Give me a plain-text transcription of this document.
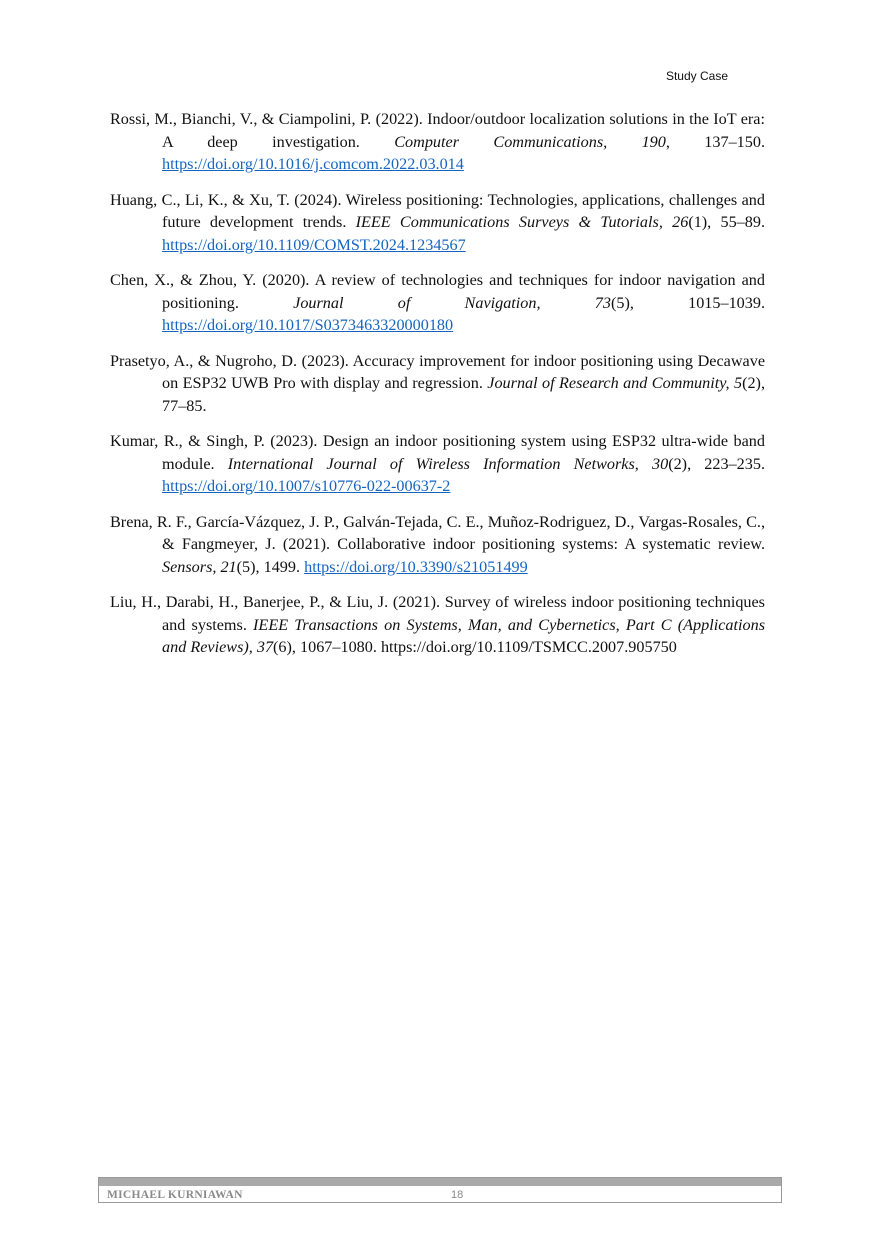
Study Case

Rossi, M., Bianchi, V., & Ciampolini, P. (2022). Indoor/outdoor localization solutions in the IoT era: A deep investigation. Computer Communications, 190, 137–150. https://doi.org/10.1016/j.comcom.2022.03.014

Huang, C., Li, K., & Xu, T. (2024). Wireless positioning: Technologies, applications, challenges and future development trends. IEEE Communications Surveys & Tutorials, 26(1), 55–89. https://doi.org/10.1109/COMST.2024.1234567

Chen, X., & Zhou, Y. (2020). A review of technologies and techniques for indoor navigation and positioning. Journal of Navigation, 73(5), 1015–1039. https://doi.org/10.1017/S0373463320000180

Prasetyo, A., & Nugroho, D. (2023). Accuracy improvement for indoor positioning using Decawave on ESP32 UWB Pro with display and regression. Journal of Research and Community, 5(2), 77–85.

Kumar, R., & Singh, P. (2023). Design an indoor positioning system using ESP32 ultra-wide band module. International Journal of Wireless Information Networks, 30(2), 223–235. https://doi.org/10.1007/s10776-022-00637-2

Brena, R. F., García-Vázquez, J. P., Galván-Tejada, C. E., Muñoz-Rodriguez, D., Vargas-Rosales, C., & Fangmeyer, J. (2021). Collaborative indoor positioning systems: A systematic review. Sensors, 21(5), 1499. https://doi.org/10.3390/s21051499

Liu, H., Darabi, H., Banerjee, P., & Liu, J. (2021). Survey of wireless indoor positioning techniques and systems. IEEE Transactions on Systems, Man, and Cybernetics, Part C (Applications and Reviews), 37(6), 1067–1080. https://doi.org/10.1109/TSMCC.2007.905750

MICHAEL KURNIAWAN	18
